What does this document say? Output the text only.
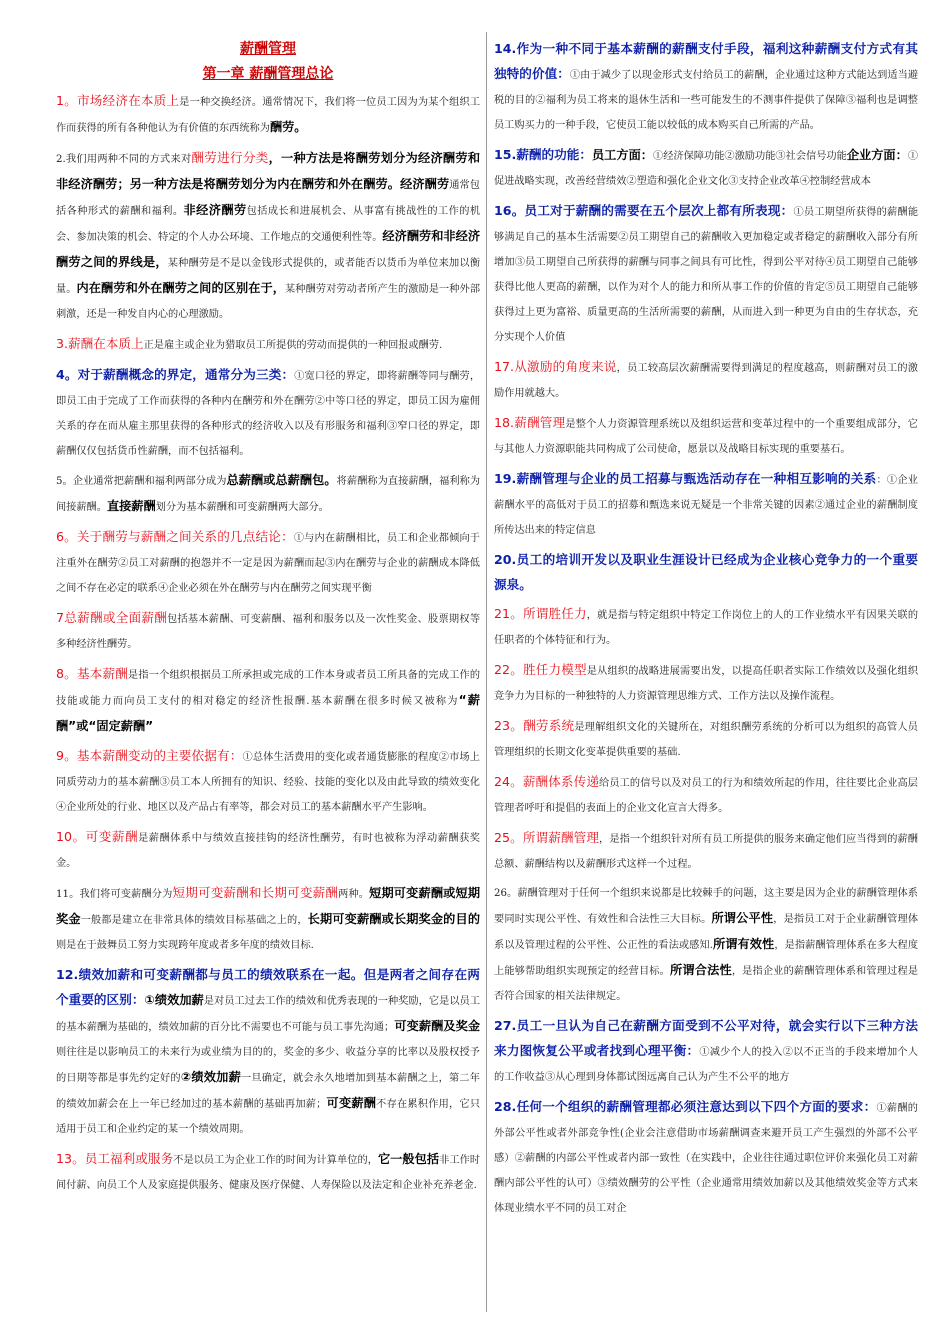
薪酬管理
第一章 薪酬管理总论

1。市场经济在本质上是一种交换经济。通常情况下，我们将一位员工因为为某个组织工作而获得的所有各种他认为有价值的东西统称为酬劳。

2.我们用两种不同的方式来对酬劳进行分类，一种方法是将酬劳划分为经济酬劳和非经济酬劳；另一种方法是将酬劳划分为内在酬劳和外在酬劳。经济酬劳通常包括各种形式的薪酬和福利。非经济酬劳包括成长和进展机会、从事富有挑战性的工作的机会、参加决策的机会、特定的个人办公环境、工作地点的交通便利性等。经济酬劳和非经济酬劳之间的界线是，某种酬劳是不是以金钱形式提供的，或者能否以货币为单位来加以衡量。内在酬劳和外在酬劳之间的区别在于，某种酬劳对劳动者所产生的激励是一种外部刺激，还是一种发自内心的心理激励。

3.薪酬在本质上正是雇主或企业为猎取员工所提供的劳动而提供的一种回报或酬劳.

4。对于薪酬概念的界定，通常分为三类：①宽口径的界定，即将薪酬等同与酬劳，即员工由于完成了工作而获得的各种内在酬劳和外在酬劳②中等口径的界定，即员工因为雇佣关系的存在而从雇主那里获得的各种形式的经济收入以及有形服务和福利③窄口径的界定，即薪酬仅仅包括货币性薪酬，而不包括福利。

5。企业通常把薪酬和福利两部分成为总薪酬或总薪酬包。将薪酬称为直接薪酬，福利称为间接薪酬。直接薪酬划分为基本薪酬和可变薪酬两大部分。

6。关于酬劳与薪酬之间关系的几点结论：①与内在薪酬相比，员工和企业都倾向于注重外在酬劳②员工对薪酬的抱怨并不一定是因为薪酬而起③内在酬劳与企业的薪酬成本降低之间不存在必定的联系④企业必须在外在酬劳与内在酬劳之间实现平衡

7总薪酬或全面薪酬包括基本薪酬、可变薪酬、福利和服务以及一次性奖金、股票期权等多种经济性酬劳。

8。基本薪酬是指一个组织根据员工所承担或完成的工作本身或者员工所具备的完成工作的技能或能力而向员工支付的相对稳定的经济性报酬.基本薪酬在很多时候又被称为“薪酬”或“固定薪酬”

9。基本薪酬变动的主要依据有：①总体生活费用的变化或者通货膨胀的程度②市场上同质劳动力的基本薪酬③员工本人所拥有的知识、经验、技能的变化以及由此导致的绩效变化④企业所处的行业、地区以及产品占有率等，都会对员工的基本薪酬水平产生影响。

10。可变薪酬是薪酬体系中与绩效直接挂钩的经济性酬劳，有时也被称为浮动薪酬获奖金。

11。我们将可变薪酬分为短期可变薪酬和长期可变薪酬两种。短期可变薪酬或短期奖金一般都是建立在非常具体的绩效目标基础之上的，长期可变薪酬或长期奖金的目的则是在于鼓舞员工努力实现跨年度或者多年度的绩效目标.

12.绩效加薪和可变薪酬都与员工的绩效联系在一起。但是两者之间存在两个重要的区别：①绩效加薪是对员工过去工作的绩效和优秀表现的一种奖励，它是以员工的基本薪酬为基础的，绩效加薪的百分比不需要也不可能与员工事先沟通；可变薪酬及奖金则往往是以影响员工的未来行为或业绩为目的的，奖金的多少、收益分享的比率以及股权授予的日期等都是事先约定好的②绩效加薪一旦确定，就会永久地增加到基本薪酬之上，第二年的绩效加薪会在上一年已经加过的基本薪酬的基础再加薪；可变薪酬不存在累积作用，它只适用于员工和企业约定的某一个绩效周期。

13。员工福利或服务不是以员工为企业工作的时间为计算单位的，它一般包括非工作时间付薪、向员工个人及家庭提供服务、健康及医疗保健、人寿保险以及法定和企业补充养老金.

14.作为一种不同于基本薪酬的薪酬支付手段，福利这种薪酬支付方式有其独特的价值：①由于减少了以现金形式支付给员工的薪酬，企业通过这种方式能达到适当避税的目的②福利为员工将来的退休生活和一些可能发生的不测事件提供了保障③福利也是调整员工购买力的一种手段，它使员工能以较低的成本购买自己所需的产品。

15.薪酬的功能：员工方面：①经济保障功能②激励功能③社会信号功能企业方面：①促进战略实现，改善经营绩效②塑造和强化企业文化③支持企业改革④控制经营成本

16。员工对于薪酬的需要在五个层次上都有所表现：①员工期望所获得的薪酬能够满足自己的基本生活需要②员工期望自己的薪酬收入更加稳定或者稳定的薪酬收入部分有所增加③员工期望自己所获得的薪酬与同事之间具有可比性，得到公平对待④员工期望自己能够获得比他人更高的薪酬，以作为对个人的能力和所从事工作的价值的肯定⑤员工期望自己能够获得过上更为富裕、质量更高的生活所需要的薪酬，从而进入到一种更为自由的生存状态，充分实现个人价值

17.从激励的角度来说，员工较高层次薪酬需要得到满足的程度越高，则薪酬对员工的激励作用就越大。

18.薪酬管理是整个人力资源管理系统以及组织运营和变革过程中的一个重要组成部分，它与其他人力资源职能共同构成了公司使命，愿景以及战略目标实现的重要基石。

19.薪酬管理与企业的员工招募与甄选活动存在一种相互影响的关系：①企业薪酬水平的高低对于员工的招募和甄选来说无疑是一个非常关键的因素②通过企业的薪酬制度所传达出来的特定信息

20.员工的培训开发以及职业生涯设计已经成为企业核心竞争力的一个重要源泉。

21。所谓胜任力，就是指与特定组织中特定工作岗位上的人的工作业绩水平有因果关联的任职者的个体特征和行为。

22。胜任力模型是从组织的战略进展需要出发，以提高任职者实际工作绩效以及强化组织竞争力为目标的一种独特的人力资源管理思维方式、工作方法以及操作流程。

23。酬劳系统是理解组织文化的关键所在，对组织酬劳系统的分析可以为组织的高管人员管理组织的长期文化变革提供重要的基础.

24。薪酬体系传递给员工的信号以及对员工的行为和绩效所起的作用，往往要比企业高层管理者呼吁和提倡的表面上的企业文化宣言大得多。

25。所谓薪酬管理，是指一个组织针对所有员工所提供的服务来确定他们应当得到的薪酬总额、薪酬结构以及薪酬形式这样一个过程。

26。薪酬管理对于任何一个组织来说都是比较棘手的问题，这主要是因为企业的薪酬管理体系要同时实现公平性、有效性和合法性三大目标。所谓公平性，是指员工对于企业薪酬管理体系以及管理过程的公平性、公正性的看法或感知.所谓有效性，是指薪酬管理体系在多大程度上能够帮助组织实现预定的经营目标。所谓合法性，是指企业的薪酬管理体系和管理过程是否符合国家的相关法律规定。

27.员工一旦认为自己在薪酬方面受到不公平对待，就会实行以下三种方法来力图恢复公平或者找到心理平衡：①减少个人的投入②以不正当的手段来增加个人的工作收益③从心理到身体都试图远离自己认为产生不公平的地方

28.任何一个组织的薪酬管理都必须注意达到以下四个方面的要求：①薪酬的外部公平性或者外部竞争性(企业会注意借助市场薪酬调查来避开员工产生强烈的外部不公平感）②薪酬的内部公平性或者内部一致性（在实践中，企业往往通过职位评价来强化员工对薪酬内部公平性的认可）③绩效酬劳的公平性（企业通常用绩效加薪以及其他绩效奖金等方式来体现业绩水平不同的员工对企
